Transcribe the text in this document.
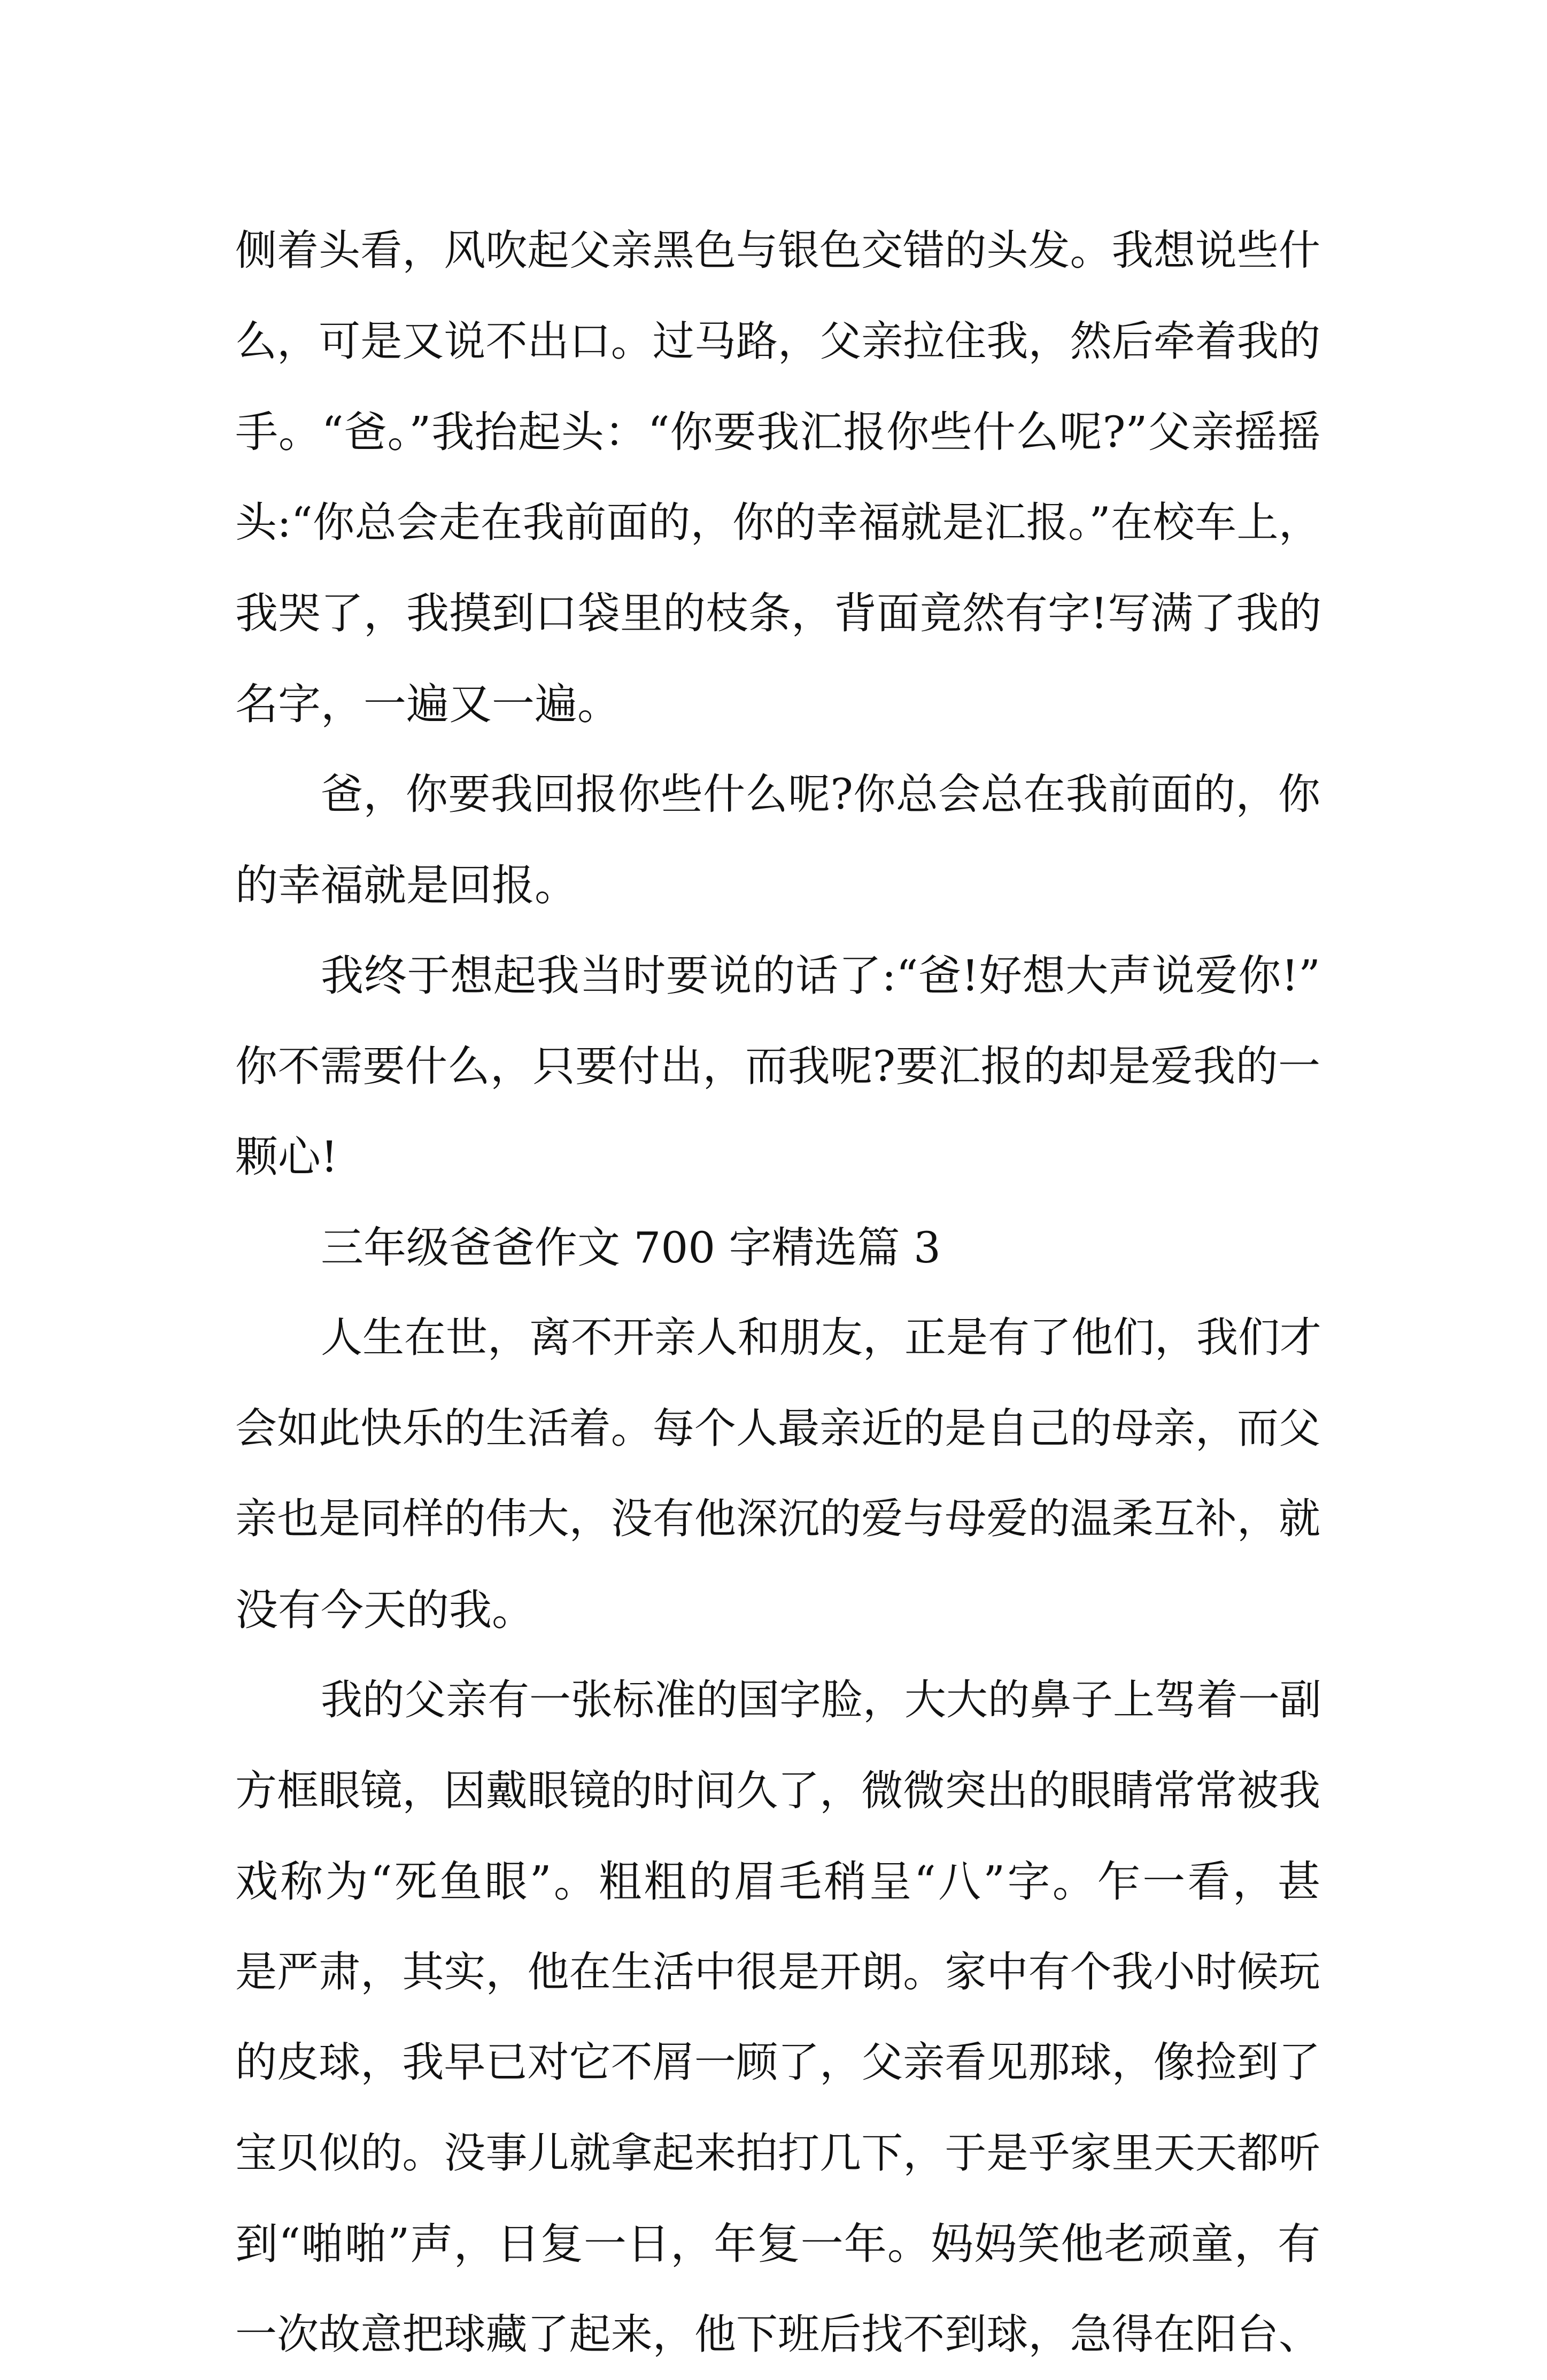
侧着头看，风吹起父亲黑色与银色交错的头发。我想说些什
么，可是又说不出口。过马路，父亲拉住我，然后牵着我的
手。“爸。”我抬起头：“你要我汇报你些什么呢?”父亲摇摇
头:“你总会走在我前面的，你的幸福就是汇报。”在校车上，
我哭了，我摸到口袋里的枝条，背面竟然有字!写满了我的
名字，一遍又一遍。
爸，你要我回报你些什么呢?你总会总在我前面的，你
的幸福就是回报。
我终于想起我当时要说的话了:“爸!好想大声说爱你!”
你不需要什么，只要付出，而我呢?要汇报的却是爱我的一
颗心!
三年级爸爸作文 700 字精选篇 3
人生在世，离不开亲人和朋友，正是有了他们，我们才
会如此快乐的生活着。每个人最亲近的是自己的母亲，而父
亲也是同样的伟大，没有他深沉的爱与母爱的温柔互补，就
没有今天的我。
我的父亲有一张标准的国字脸，大大的鼻子上驾着一副
方框眼镜，因戴眼镜的时间久了，微微突出的眼睛常常被我
戏称为“死鱼眼”。粗粗的眉毛稍呈“八”字。乍一看，甚
是严肃，其实，他在生活中很是开朗。家中有个我小时候玩
的皮球，我早已对它不屑一顾了，父亲看见那球，像捡到了
宝贝似的。没事儿就拿起来拍打几下，于是乎家里天天都听
到“啪啪”声，日复一日，年复一年。妈妈笑他老顽童，有
一次故意把球藏了起来，他下班后找不到球，急得在阳台、
